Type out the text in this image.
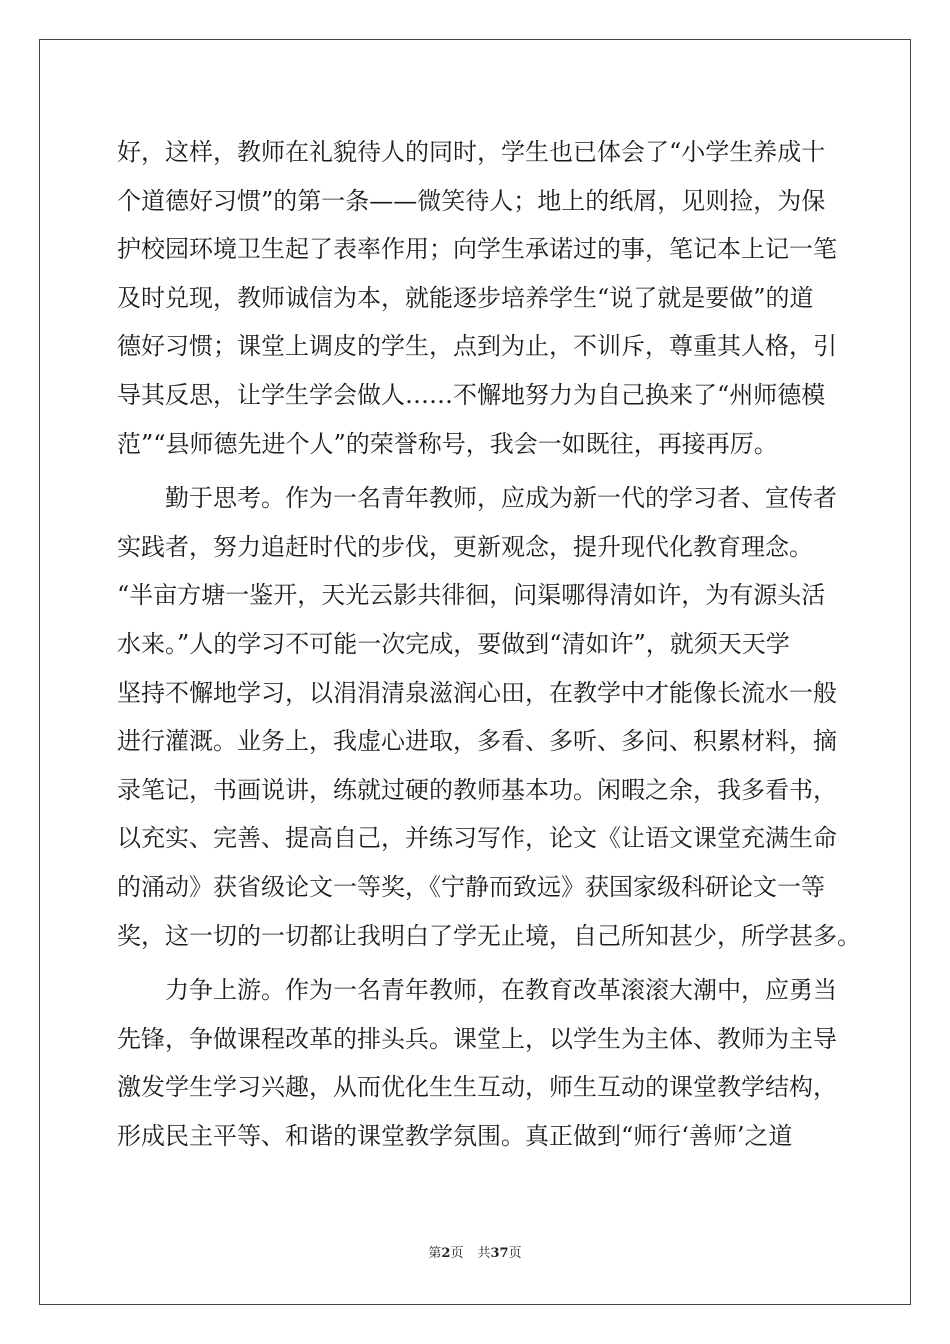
好，这样，教师在礼貌待人的同时，学生也已体会了“小学生养成十
个道德好习惯”的第一条——微笑待人；地上的纸屑，见则捡，为保
护校园环境卫生起了表率作用；向学生承诺过的事，笔记本上记一笔
及时兑现，教师诚信为本，就能逐步培养学生“说了就是要做”的道
德好习惯；课堂上调皮的学生，点到为止，不训斥，尊重其人格，引
导其反思，让学生学会做人……不懈地努力为自己换来了“州师德模
范”“县师德先进个人”的荣誉称号，我会一如既往，再接再厉。
　　勤于思考。作为一名青年教师，应成为新一代的学习者、宣传者
实践者，努力追赶时代的步伐，更新观念，提升现代化教育理念。
“半亩方塘一鉴开，天光云影共徘徊，问渠哪得清如许，为有源头活
水来。”人的学习不可能一次完成，要做到“清如许”，就须天天学
坚持不懈地学习，以涓涓清泉滋润心田，在教学中才能像长流水一般
进行灌溉。业务上，我虚心进取，多看、多听、多问、积累材料，摘
录笔记，书画说讲，练就过硬的教师基本功。闲暇之余，我多看书，
以充实、完善、提高自己，并练习写作，论文《让语文课堂充满生命
的涌动》获省级论文一等奖，《宁静而致远》获国家级科研论文一等
奖，这一切的一切都让我明白了学无止境，自己所知甚少，所学甚多。
　　力争上游。作为一名青年教师，在教育改革滚滚大潮中，应勇当
先锋，争做课程改革的排头兵。课堂上，以学生为主体、教师为主导
激发学生学习兴趣，从而优化生生互动，师生互动的课堂教学结构，
形成民主平等、和谐的课堂教学氛围。真正做到“师行‘善师’之道
第2页 共37页
